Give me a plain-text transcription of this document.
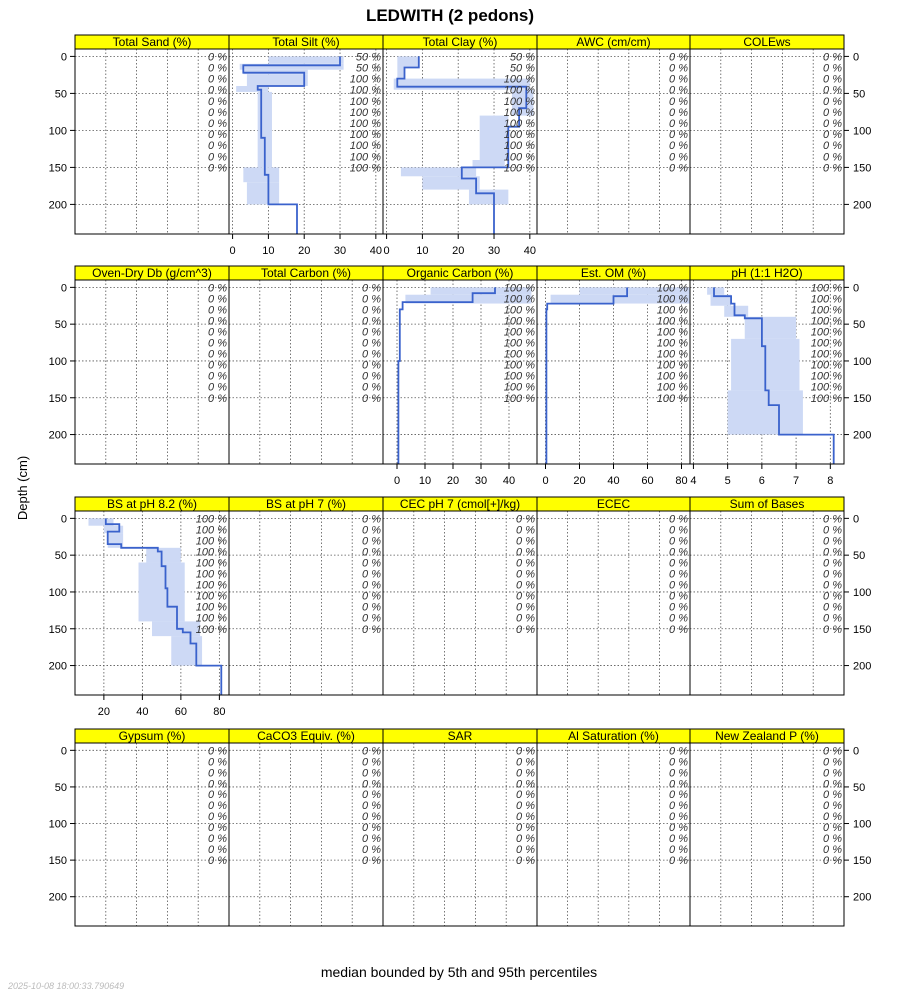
LEDWITH (2 pedons)
0 %
0 %
0 %
0 %
0 %
0 %
0 %
0 %
0 %
0 %
0 %
Total Sand (%)
0
50
100
150
200
50 %
50 %
100 %
100 %
100 %
100 %
100 %
100 %
100 %
100 %
100 %
Total Silt (%)
0 10 20 30 40
50 %
50 %
100 %
100 %
100 %
100 %
100 %
100 %
100 %
100 %
100 %
Total Clay (%)
0 10 20 30 40
0 %
0 %
0 %
0 %
0 %
0 %
0 %
0 %
0 %
0 %
0 %
AWC (cm/cm)
0 %
0 %
0 %
0 %
0 %
0 %
0 %
0 %
0 %
0 %
0 %
COLEws
0
50
100
150
200
0 %
0 %
0 %
0 %
0 %
0 %
0 %
0 %
0 %
0 %
0 %
Oven-Dry Db (g/cm^3)
0
50
100
150
200
0 %
0 %
0 %
0 %
0 %
0 %
0 %
0 %
0 %
0 %
0 %
Total Carbon (%)
100 %
100 %
100 %
100 %
100 %
100 %
100 %
100 %
100 %
100 %
100 %
Organic Carbon (%)
0 10 20 30 40
100 %
100 %
100 %
100 %
100 %
100 %
100 %
100 %
100 %
100 %
100 %
Est. OM (%)
0 20 40 60 80
100 %
100 %
100 %
100 %
100 %
100 %
100 %
100 %
100 %
100 %
100 %
pH (1:1 H2O)
4	5	6	7	8
0
50
100
150
200
100 %
100 %
100 %
100 %
100 %
100 %
100 %
100 %
100 %
100 %
100 %
BS at pH 8.2 (%)
20 40 60 80
0
50
100
150
200
0 %
0 %
0 %
0 %
0 %
0 %
0 %
0 %
0 %
0 %
0 %
BS at pH 7 (%)
0 %
0 %
0 %
0 %
0 %
0 %
0 %
0 %
0 %
0 %
0 %
CEC pH 7 (cmol[+]/kg)
0 %
0 %
0 %
0 %
0 %
0 %
0 %
0 %
0 %
0 %
0 %
ECEC
0 %
0 %
0 %
0 %
0 %
0 %
0 %
0 %
0 %
0 %
0 %
Sum of Bases
0
50
100
150
200
0 %
0 %
0 %
0 %
0 %
0 %
0 %
0 %
0 %
0 %
0 %
Gypsum (%)
0
50
100
150
200
0 %
0 %
0 %
0 %
0 %
0 %
0 %
0 %
0 %
0 %
0 %
CaCO3 Equiv. (%)
0 %
0 %
0 %
0 %
0 %
0 %
0 %
0 %
0 %
0 %
0 %
SAR
0 %
0 %
0 %
0 %
0 %
0 %
0 %
0 %
0 %
0 %
0 %
Al Saturation (%)
0 %
0 %
0 %
0 %
0 %
0 %
0 %
0 %
0 %
0 %
0 %
New Zealand P (%)
0
50
100
150
200
Depth (cm)
median bounded by 5th and 95th percentiles
2025-10-08 18:00:33.790649
